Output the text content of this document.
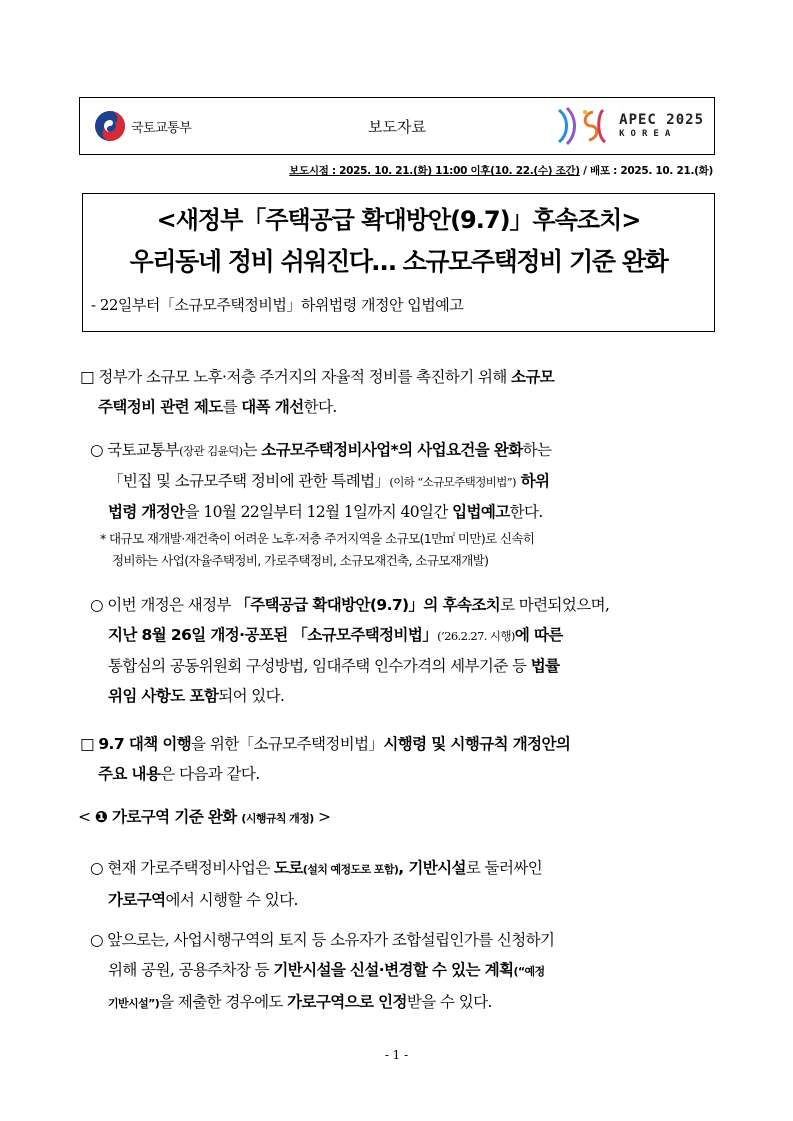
국토교통부	보도자료	APEC 2025
KOREA
보도시점 : 2025. 10. 21.(화) 11:00 이후(10. 22.(수) 조간) / 배포 : 2025. 10. 21.(화)
<새정부「주택공급 확대방안(9.7)」후속조치>
우리동네 정비 쉬워진다… 소규모주택정비 기준 완화
- 22일부터「소규모주택정비법」하위법령 개정안 입법예고
□ 정부가 소규모 노후·저층 주거지의 자율적 정비를 촉진하기 위해 소규모
주택정비 관련 제도를 대폭 개선한다.
○ 국토교통부(장관 김윤덕)는 소규모주택정비사업*의 사업요건을 완화하는
「빈집 및 소규모주택 정비에 관한 특례법」(이하 “소규모주택정비법”) 하위
법령 개정안을 10월 22일부터 12월 1일까지 40일간 입법예고한다.
* 대규모 재개발·재건축이 어려운 노후·저층 주거지역을 소규모(1만㎡ 미만)로 신속히
정비하는 사업(자율주택정비, 가로주택정비, 소규모재건축, 소규모재개발)
○ 이번 개정은 새정부 「주택공급 확대방안(9.7)」의 후속조치로 마련되었으며,
지난 8월 26일 개정·공포된 「소규모주택정비법」(’26.2.27. 시행)에 따른
통합심의 공동위원회 구성방법, 임대주택 인수가격의 세부기준 등 법률
위임 사항도 포함되어 있다.
□ 9.7 대책 이행을 위한「소규모주택정비법」시행령 및 시행규칙 개정안의
주요 내용은 다음과 같다.
< ❶ 가로구역 기준 완화 (시행규칙 개정) >
○ 현재 가로주택정비사업은 도로(설치 예정도로 포함), 기반시설로 둘러싸인
가로구역에서 시행할 수 있다.
○ 앞으로는, 사업시행구역의 토지 등 소유자가 조합설립인가를 신청하기
위해 공원, 공용주차장 등 기반시설을 신설·변경할 수 있는 계획(“예정
기반시설”)을 제출한 경우에도 가로구역으로 인정받을 수 있다.
- 1 -
